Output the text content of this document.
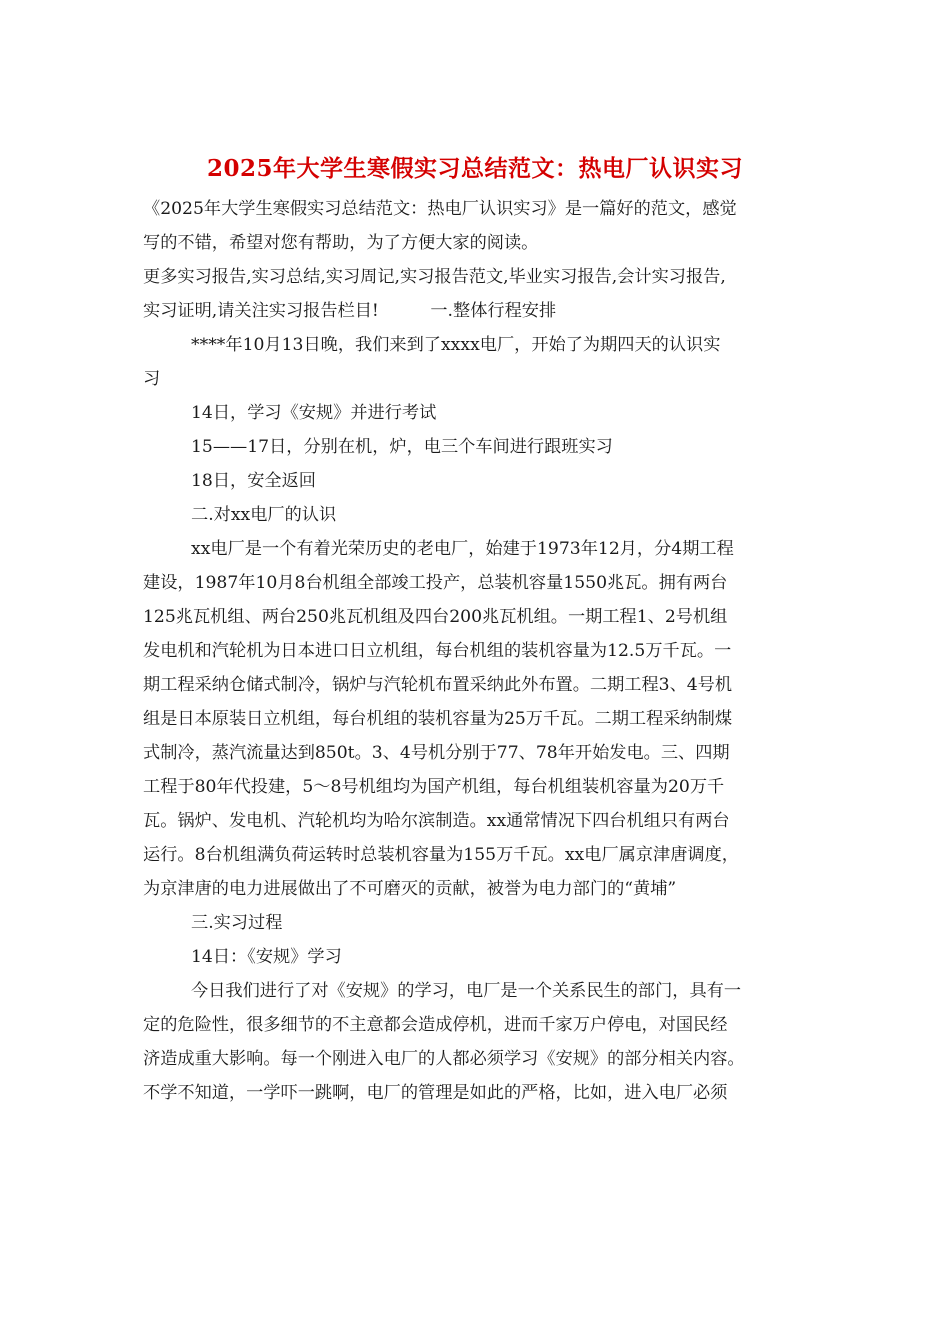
2025年大学生寒假实习总结范文：热电厂认识实习
《2025年大学生寒假实习总结范文：热电厂认识实习》是一篇好的范文，感觉
写的不错，希望对您有帮助，为了方便大家的阅读。
更多实习报告,实习总结,实习周记,实习报告范文,毕业实习报告,会计实习报告,
实习证明,请关注实习报告栏目!　　　一.整体行程安排
****年10月13日晚，我们来到了xxxx电厂，开始了为期四天的认识实
习
14日，学习《安规》并进行考试
15——17日，分别在机，炉，电三个车间进行跟班实习
18日，安全返回
二.对xx电厂的认识
xx电厂是一个有着光荣历史的老电厂，始建于1973年12月，分4期工程
建设，1987年10月8台机组全部竣工投产，总装机容量1550兆瓦。拥有两台
125兆瓦机组、两台250兆瓦机组及四台200兆瓦机组。一期工程1、2号机组
发电机和汽轮机为日本进口日立机组，每台机组的装机容量为12.5万千瓦。一
期工程采纳仓储式制冷，锅炉与汽轮机布置采纳此外布置。二期工程3、4号机
组是日本原装日立机组，每台机组的装机容量为25万千瓦。二期工程采纳制煤
式制冷，蒸汽流量达到850t。3、4号机分别于77、78年开始发电。三、四期
工程于80年代投建，5～8号机组均为国产机组，每台机组装机容量为20万千
瓦。锅炉、发电机、汽轮机均为哈尔滨制造。xx通常情况下四台机组只有两台
运行。8台机组满负荷运转时总装机容量为155万千瓦。xx电厂属京津唐调度，
为京津唐的电力进展做出了不可磨灭的贡献，被誉为电力部门的“黄埔”
三.实习过程
14日：《安规》学习
今日我们进行了对《安规》的学习，电厂是一个关系民生的部门，具有一
定的危险性，很多细节的不主意都会造成停机，进而千家万户停电，对国民经
济造成重大影响。每一个刚进入电厂的人都必须学习《安规》的部分相关内容。
不学不知道，一学吓一跳啊，电厂的管理是如此的严格，比如，进入电厂必须
